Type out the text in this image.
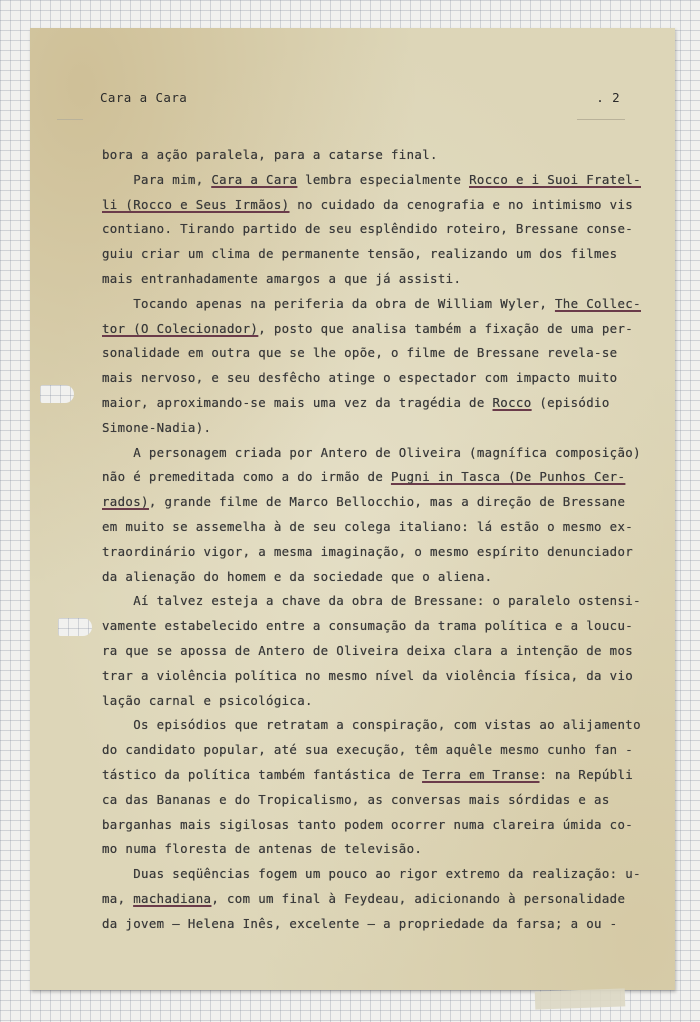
Cara a Cara	. 2
bora a ação paralela, para a catarse final.
Para mim, Cara a Cara lembra especialmente Rocco e i Suoi Fratel-
li (Rocco e Seus Irmãos) no cuidado da cenografia e no intimismo vis
contiano. Tirando partido de seu esplêndido roteiro, Bressane conse-
guiu criar um clima de permanente tensão, realizando um dos filmes
mais entranhadamente amargos a que já assisti.
Tocando apenas na periferia da obra de William Wyler, The Collec-
tor (O Colecionador), posto que analisa também a fixação de uma per-
sonalidade em outra que se lhe opõe, o filme de Bressane revela-se
mais nervoso, e seu desfêcho atinge o espectador com impacto muito
maior, aproximando-se mais uma vez da tragédia de Rocco (episódio
Simone-Nadia).
A personagem criada por Antero de Oliveira (magnífica composição)
não é premeditada como a do irmão de Pugni in Tasca (De Punhos Cer-
rados), grande filme de Marco Bellocchio, mas a direção de Bressane
em muito se assemelha à de seu colega italiano: lá estão o mesmo ex-
traordinário vigor, a mesma imaginação, o mesmo espírito denunciador
da alienação do homem e da sociedade que o aliena.
Aí talvez esteja a chave da obra de Bressane: o paralelo ostensi-
vamente estabelecido entre a consumação da trama política e a loucu-
ra que se apossa de Antero de Oliveira deixa clara a intenção de mos
trar a violência política no mesmo nível da violência física, da vio
lação carnal e psicológica.
Os episódios que retratam a conspiração, com vistas ao alijamento
do candidato popular, até sua execução, têm aquêle mesmo cunho fan -
tástico da política também fantástica de Terra em Transe: na Repúbli
ca das Bananas e do Tropicalismo, as conversas mais sórdidas e as
barganhas mais sigilosas tanto podem ocorrer numa clareira úmida co-
mo numa floresta de antenas de televisão.
Duas seqüências fogem um pouco ao rigor extremo da realização: u-
ma, machadiana, com um final à Feydeau, adicionando à personalidade
da jovem — Helena Inês, excelente — a propriedade da farsa; a ou -
